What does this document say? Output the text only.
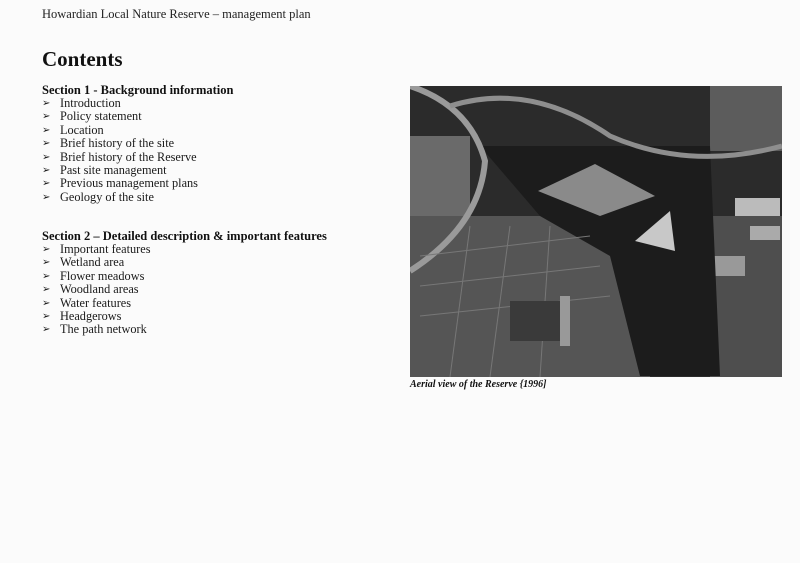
Howardian Local Nature Reserve – management plan
Contents
Section 1 - Background information
➢ Introduction
➢ Policy statement
➢ Location
➢ Brief history of the site
➢ Brief history of the Reserve
➢ Past site management
➢ Previous management plans
➢ Geology of the site
Section 2 – Detailed description & important features
➢ Important features
➢ Wetland area
➢ Flower meadows
➢ Woodland areas
➢ Water features
➢ Headgerows
➢ The path network
Aerial view of the Reserve {1996]
